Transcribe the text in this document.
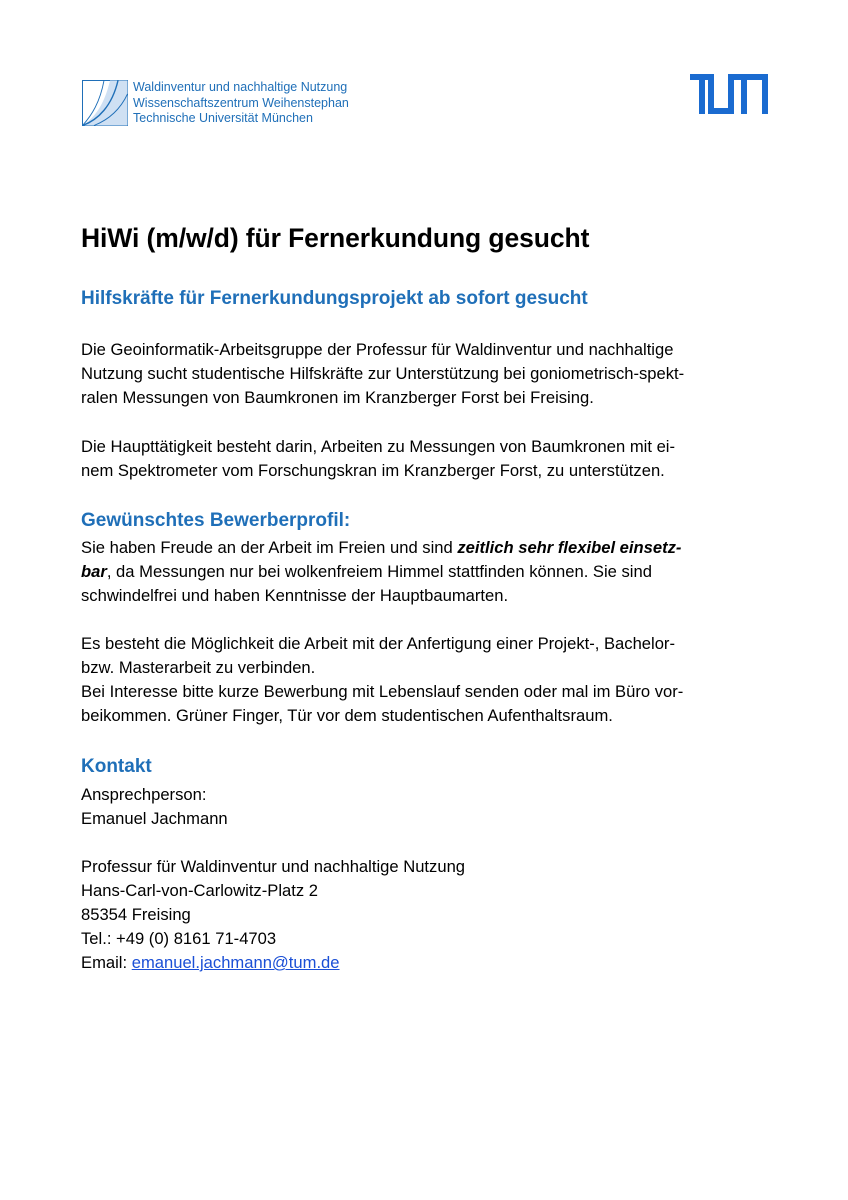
Waldinventur und nachhaltige Nutzung
Wissenschaftszentrum Weihenstephan
Technische Universität München
HiWi (m/w/d) für Fernerkundung gesucht
Hilfskräfte für Fernerkundungsprojekt ab sofort gesucht
Die Geoinformatik-Arbeitsgruppe der Professur für Waldinventur und nachhaltige
Nutzung sucht studentische Hilfskräfte zur Unterstützung bei goniometrisch-spekt-
ralen Messungen von Baumkronen im Kranzberger Forst bei Freising.
Die Haupttätigkeit besteht darin, Arbeiten zu Messungen von Baumkronen mit ei-
nem Spektrometer vom Forschungskran im Kranzberger Forst, zu unterstützen.
Gewünschtes Bewerberprofil:
Sie haben Freude an der Arbeit im Freien und sind zeitlich sehr flexibel einsetz-
bar, da Messungen nur bei wolkenfreiem Himmel stattfinden können. Sie sind
schwindelfrei und haben Kenntnisse der Hauptbaumarten.
Es besteht die Möglichkeit die Arbeit mit der Anfertigung einer Projekt-, Bachelor-
bzw. Masterarbeit zu verbinden.
Bei Interesse bitte kurze Bewerbung mit Lebenslauf senden oder mal im Büro vor-
beikommen. Grüner Finger, Tür vor dem studentischen Aufenthaltsraum.
Kontakt
Ansprechperson:
Emanuel Jachmann
Professur für Waldinventur und nachhaltige Nutzung
Hans-Carl-von-Carlowitz-Platz 2
85354 Freising
Tel.: +49 (0) 8161 71-4703
Email: emanuel.jachmann@tum.de
